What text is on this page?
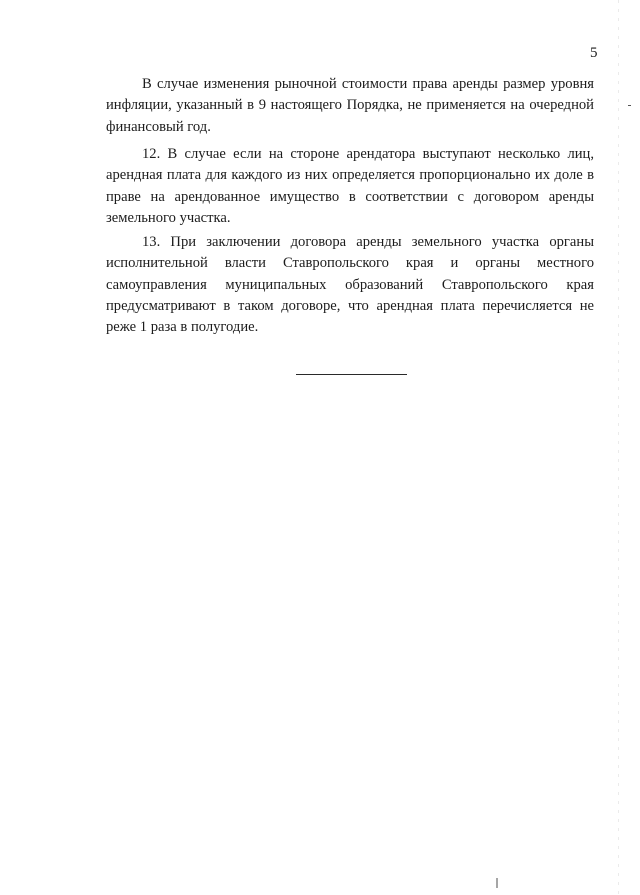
5

В случае изменения рыночной стоимости права аренды размер уровня инфляции, указанный в 9 настоящего Порядка, не применяется на очередной финансовый год.

12. В случае если на стороне арендатора выступают несколько лиц, арендная плата для каждого из них определяется пропорционально их доле в праве на арендованное имущество в соответствии с договором аренды земельного участка.

13. При заключении договора аренды земельного участка органы исполнительной власти Ставропольского края и органы местного самоуправления муниципальных образований Ставропольского края предусматривают в таком договоре, что арендная плата перечисляется не реже 1 раза в полугодие.
